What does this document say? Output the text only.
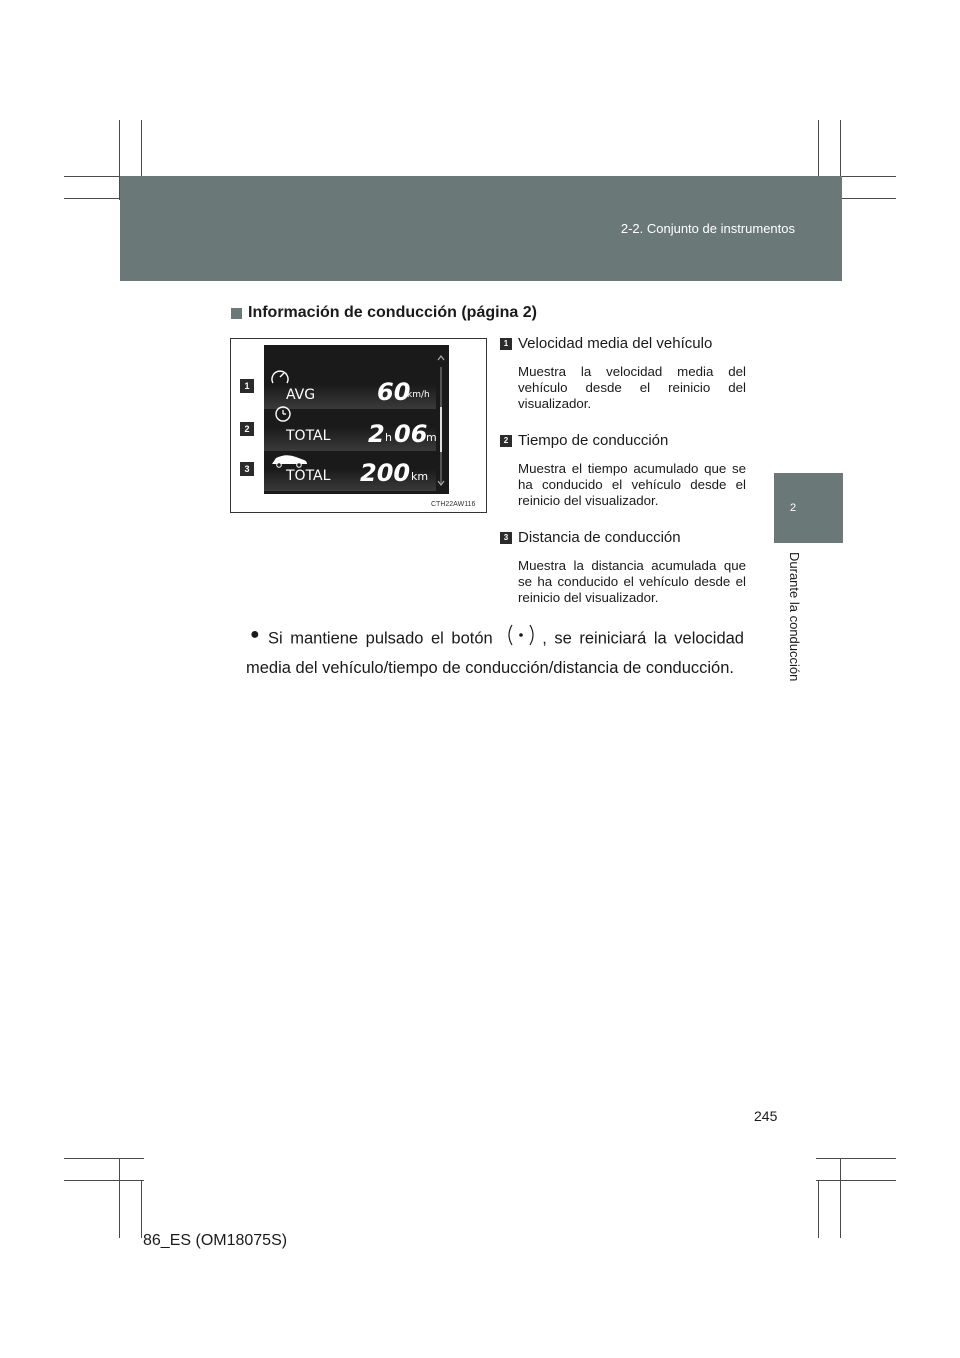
2-2. Conjunto de instrumentos
2
Durante la conducción
Información de conducción (página 2)
1
2
3
AVG	60
km/h
TOTAL 2 h 06
m
TOTAL 200 km
CTH22AW116
1 Velocidad media del vehículo
Muestra la velocidad media del vehículo desde el reinicio del visualizador.
2 Tiempo de conducción
Muestra el tiempo acumulado que se ha conducido el vehículo desde el reinicio del visualizador.
3 Distancia de conducción
Muestra la distancia acumulada que se ha conducido el vehículo desde el reinicio del visualizador.
● Si mantiene pulsado el botón	, se reiniciará la velocidad media del vehículo/tiempo de conducción/distancia de conducción.
245
86_ES (OM18075S)
